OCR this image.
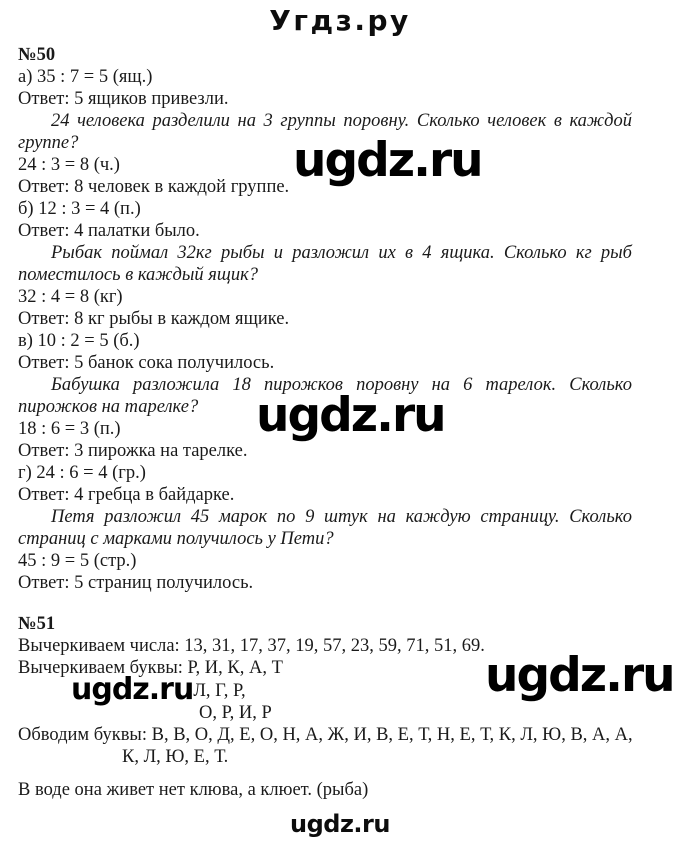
Угдз.ру
№50
а) 35 : 7 = 5 (ящ.)
Ответ: 5 ящиков привезли.
24 человека разделили на 3 группы поровну. Сколько человек в каждой
группе?
24 : 3 = 8 (ч.)
Ответ: 8 человек в каждой группе.
б) 12 : 3 = 4 (п.)
Ответ: 4 палатки было.
Рыбак поймал 32кг рыбы и разложил их в 4 ящика. Сколько кг рыб
поместилось в каждый ящик?
32 : 4 = 8 (кг)
Ответ: 8 кг рыбы в каждом ящике.
в) 10 : 2 = 5 (б.)
Ответ: 5 банок сока получилось.
Бабушка разложила 18 пирожков поровну на 6 тарелок. Сколько
пирожков на тарелке?
18 : 6 = 3 (п.)
Ответ: 3 пирожка на тарелке.
г) 24 : 6 = 4 (гр.)
Ответ: 4 гребца в байдарке.
Петя разложил 45 марок по 9 штук на каждую страницу. Сколько
страниц с марками получилось у Пети?
45 : 9 = 5 (стр.)
Ответ: 5 страниц получилось.
№51
Вычеркиваем числа: 13, 31, 17, 37, 19, 57, 23, 59, 71, 51, 69.
Вычеркиваем буквы: Р, И, К, А, Т
ugdz.ruЛ, Г, Р,
О, Р, И, Р
Обводим буквы: В, В, О, Д, Е, О, Н, А, Ж, И, В, Е, Т, Н, Е, Т, К, Л, Ю, В, А, А,
К, Л, Ю, Е, Т.
В воде она живет нет клюва, а клюет. (рыба)
ugdz.ru
ugdz.ru
ugdz.ru
ugdz.ru
